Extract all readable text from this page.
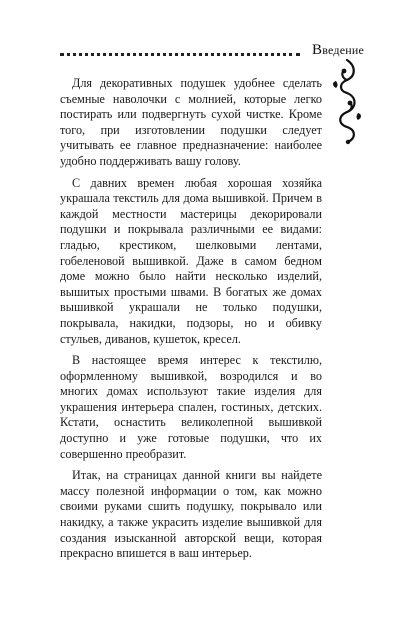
Введение

Для декоративных подушек удобнее сделать съемные наволочки с молнией, которые легко постирать или подвергнуть сухой чистке. Кроме того, при изготовлении подушки следует учитывать ее главное предназначение: наиболее удобно поддерживать вашу голову.

С давних времен любая хорошая хозяйка украшала текстиль для дома вышивкой. Причем в каждой местности мастерицы декорировали подушки и покрывала различными ее видами: гладью, крестиком, шелковыми лентами, гобеленовой вышивкой. Даже в самом бедном доме можно было найти несколько изделий, вышитых простыми швами. В богатых же домах вышивкой украшали не только подушки, покрывала, накидки, подзоры, но и обивку стульев, диванов, кушеток, кресел.

В настоящее время интерес к текстилю, оформленному вышивкой, возродился и во многих домах используют такие изделия для украшения интерьера спален, гостиных, детских. Кстати, оснастить великолепной вышивкой доступно и уже готовые подушки, что их совершенно преобразит.

Итак, на страницах данной книги вы найдете массу полезной информации о том, как можно своими руками сшить подушку, покрывало или накидку, а также украсить изделие вышивкой для создания изысканной авторской вещи, которая прекрасно впишется в ваш интерьер.
